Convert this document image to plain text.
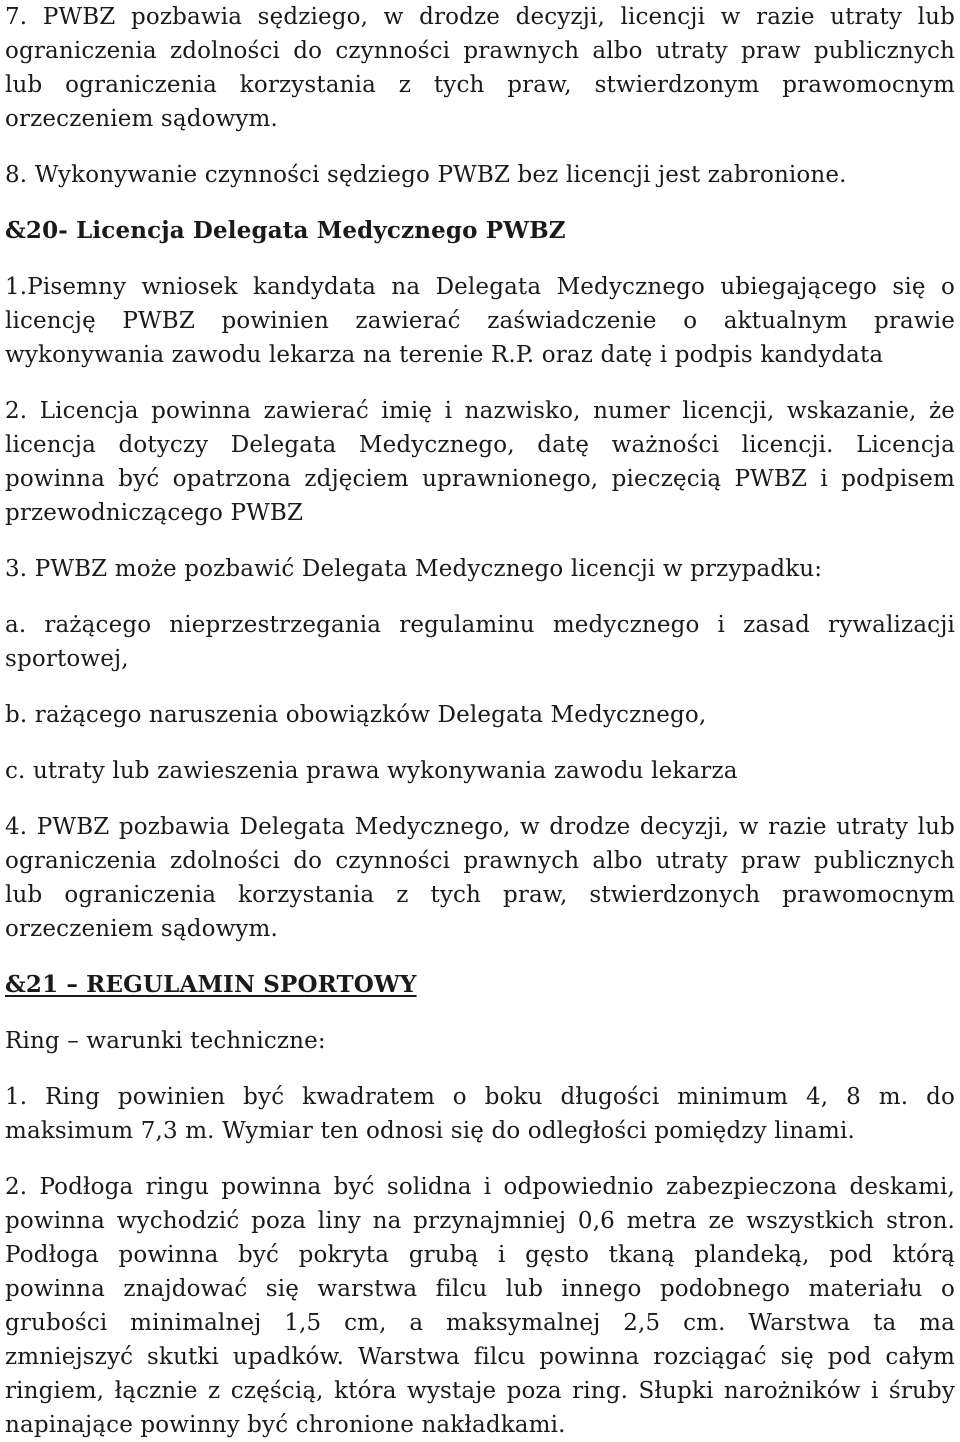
7. PWBZ pozbawia sędziego, w drodze decyzji, licencji w razie utraty lub
ograniczenia zdolności do czynności prawnych albo utraty praw publicznych
lub ograniczenia korzystania z tych praw, stwierdzonym prawomocnym
orzeczeniem sądowym.
8. Wykonywanie czynności sędziego PWBZ bez licencji jest zabronione.
&20- Licencja Delegata Medycznego PWBZ
1.Pisemny wniosek kandydata na Delegata Medycznego ubiegającego się o
licencję PWBZ powinien zawierać zaświadczenie o aktualnym prawie
wykonywania zawodu lekarza na terenie R.P. oraz datę i podpis kandydata
2. Licencja powinna zawierać imię i nazwisko, numer licencji, wskazanie, że
licencja dotyczy Delegata Medycznego, datę ważności licencji. Licencja
powinna być opatrzona zdjęciem uprawnionego, pieczęcią PWBZ i podpisem
przewodniczącego PWBZ
3. PWBZ może pozbawić Delegata Medycznego licencji w przypadku:
a. rażącego nieprzestrzegania regulaminu medycznego i zasad rywalizacji
sportowej,
b. rażącego naruszenia obowiązków Delegata Medycznego,
c. utraty lub zawieszenia prawa wykonywania zawodu lekarza
4. PWBZ pozbawia Delegata Medycznego, w drodze decyzji, w razie utraty lub
ograniczenia zdolności do czynności prawnych albo utraty praw publicznych
lub ograniczenia korzystania z tych praw, stwierdzonych prawomocnym
orzeczeniem sądowym.
&21 – REGULAMIN SPORTOWY
Ring – warunki techniczne:
1. Ring powinien być kwadratem o boku długości minimum 4, 8 m. do
maksimum 7,3 m. Wymiar ten odnosi się do odległości pomiędzy linami.
2. Podłoga ringu powinna być solidna i odpowiednio zabezpieczona deskami,
powinna wychodzić poza liny na przynajmniej 0,6 metra ze wszystkich stron.
Podłoga powinna być pokryta grubą i gęsto tkaną plandeką, pod którą
powinna znajdować się warstwa filcu lub innego podobnego materiału o
grubości minimalnej 1,5 cm, a maksymalnej 2,5 cm. Warstwa ta ma
zmniejszyć skutki upadków. Warstwa filcu powinna rozciągać się pod całym
ringiem, łącznie z częścią, która wystaje poza ring. Słupki narożników i śruby
napinające powinny być chronione nakładkami.
